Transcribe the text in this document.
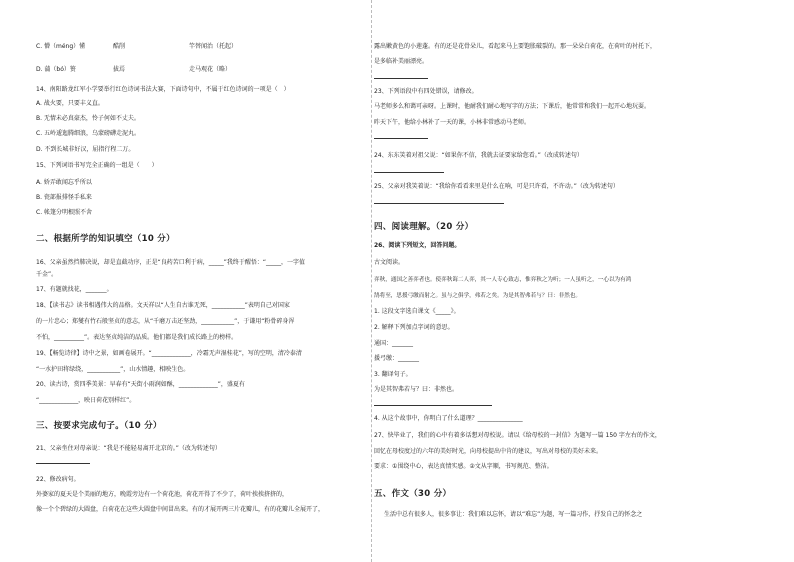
C. 懵（méng）懂	酷削	竿替闻治（托起）
D. 蒲（bó）篑	拔焉	走马观花（略）
14、南阳路龙红军小学要举行红色诗词书法大赛，下面诗句中，不属于红色诗词的一项是（　）
A. 战火要，只要丰义直。
B. 无情未必真豪杰，怜子何如不丈夫。
C. 五岭逶迤腾细浪，乌蒙磅礴走泥丸。
D. 不到长城非好汉，屈指行程二万。
15、下列词语书写完全正确的一组是（　　）
A. 娇弄敢闻忘乎所以
B. 瓷部报排怪手私来
C. 帐篷分明根照不舍
二、根据所学的知识填空（10 分）
16、父亲虽然挡肺决说，却是直截功序，正是“良药苦口利于病，_____”我终于醒悟：“_____，一字值
千金”。
17、有题就找花，_______。
18、【读书志》读书相遇伟大的品格。文天祥以“人生自古谁无死，___________”表明自己对国家
的一片忠心；郑燮有竹石般坚贞的意志，从“千磨万击还坚劲，___________”，于谦用“粉骨碎身浑
不怕，__________”。表达坚贞纯洁的品质。他们都是我们成长路上的榜样。
19、【畅览诗律】诗中之景，如画卷展开。“_____________，冷霜无声湿桂花”，写的空明，清冷泰清
“一水护田将绿绕，___________”，山水情趣，相映生色。
20、读古诗，赏四季美景：早春有“天街小雨润如酥，_____________”，盛夏有
“_____________，映日荷花别样红”。
三、按要求完成句子。（10 分）
21、父亲坐住对母亲说：“我是不能轻易离开北京的。”（改为转述句）
22、修改病句。
外婆家的夏天是个美丽的地方，晚霞旁边有一个荷花池，荷花开得了不少了，荷叶挨挨挤挤的，
像一个个碧绿的大圆盘，白荷花在这些大圆盘中间冒出来。有的才展开两三片花瓣儿，有的花瓣儿全展开了，
露出嫩黄色的小莲蓬。有的还是花骨朵儿，看起来马上要饱胀破裂的。那一朵朵白荷花，在荷叶的衬托下，
是多临补美丽漂亮。
23、下列语段中有四处错误，请修改。
马老师多么和蔼可亲呀。上课时，他耐我们耐心地写字的方法；下课后，他常常和我们一起开心地玩耍。
昨天下午，他给小林补了一天的课，小林非常感动马老师。
24、东东笑着对祖父说：“如果你不信，我就去证要家给您看。”（改成转述句）
25、父亲对我笑着说：“我给你看看来里是什么在响，可是只许看，不许动。”（改为转述句）
四、阅读理解。（20 分）
26、阅读下列短文，回答问题。
古文阅读。
弈秋，通国之善弈者也。使弈秋诲二人弈，其一人专心致志，惟弈秋之为听；一人虽听之，一心以为有鸿
鹄将至，思援弓缴而射之。虽与之俱学，弗若之矣。为是其智弗若与？曰：非然也。
1. 这段文字选自课文《_____》。
2. 解释下列加点字词的意思。
通国：_______
援弓缴：_______
3. 翻译句子。
为是其智弗若与？曰：非然也。
4. 从这个故事中，你明白了什么道理？_______________
27、快毕业了，我们的心中有着多话想对母校说。请以《给母校的一封信》为题写一篇 150 字左右的作文，
回忆在母校度过的六年的美好时光，向母校提出中肯的建议，写出对母校的美好未来。
要求：①围绕中心，表达真情实感。②文从字顺，书写规范、整洁。
五、作文（30 分）
生活中总有很多人，很多事让：我们难以忘怀，请以“难忘”为题，写一篇习作，抒发自己的怀念之
